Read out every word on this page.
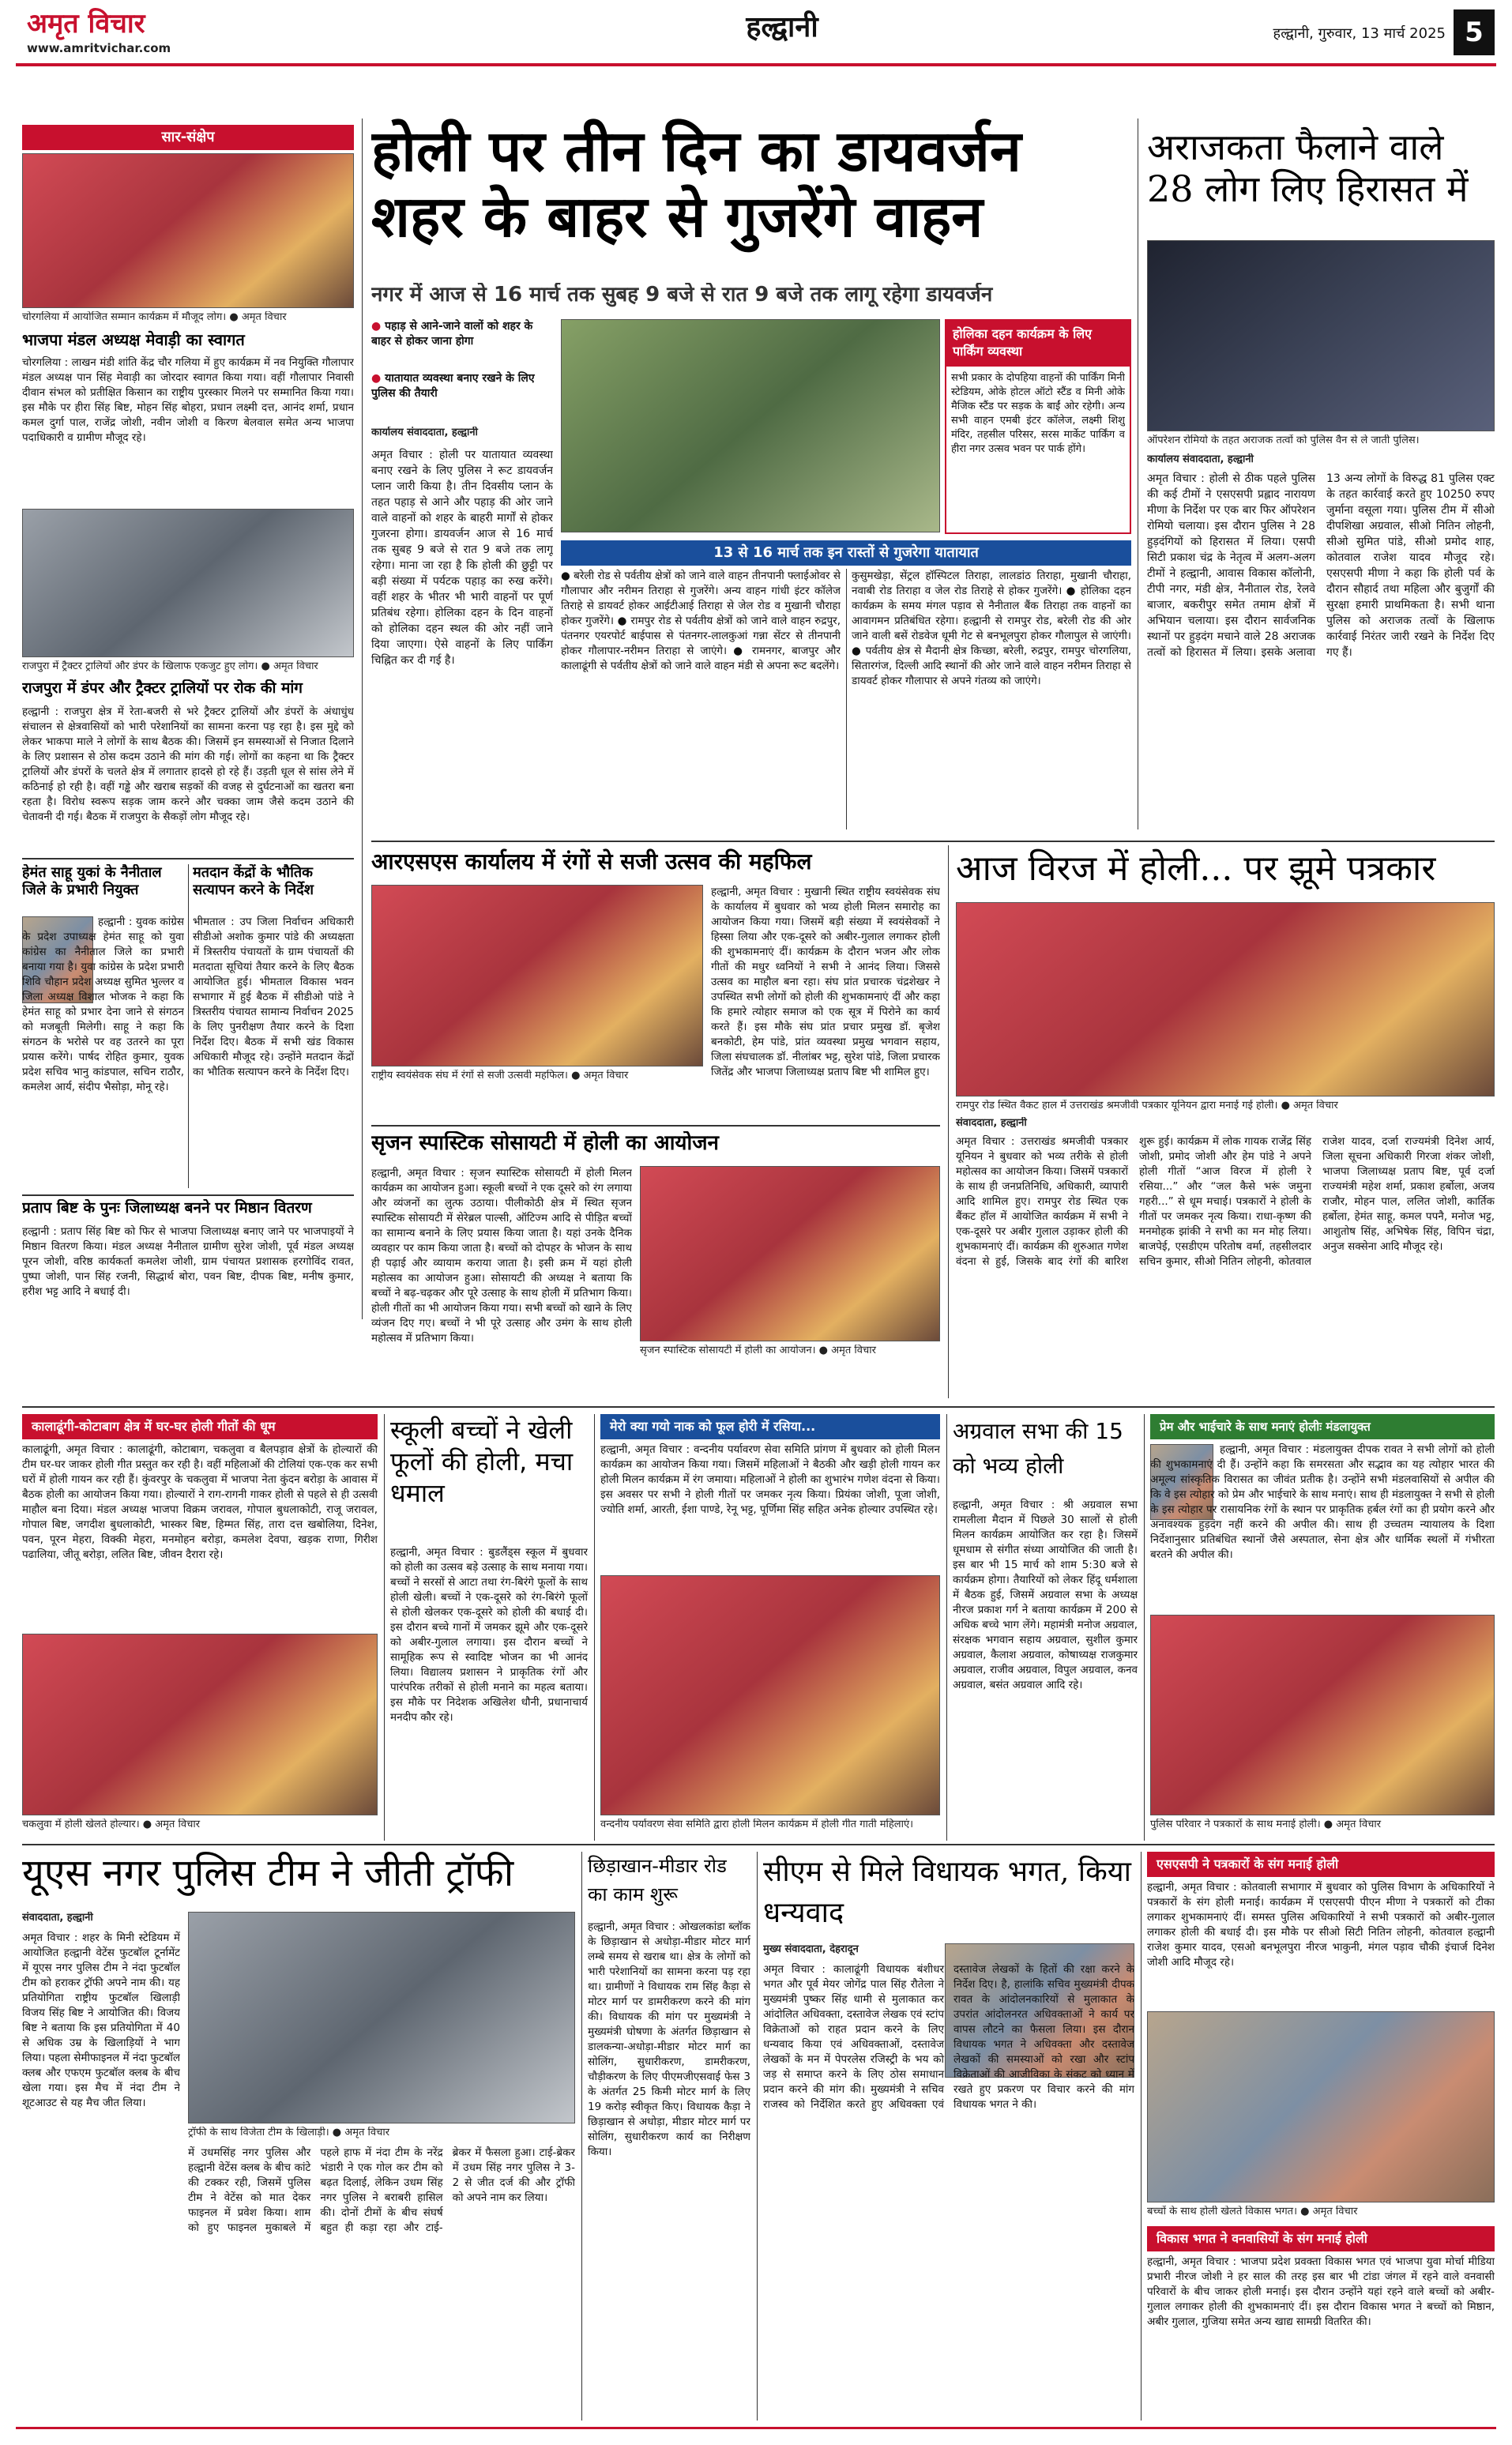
अमृत विचार
www.amritvichar.com
हल्द्वानी	हल्द्वानी, गुरुवार, 13 मार्च 2025 5
सार-संक्षेप
चोरगलिया में आयोजित सम्मान कार्यक्रम में मौजूद लोग। ● अमृत विचार
भाजपा मंडल अध्यक्ष मेवाड़ी का स्वागत
चोरगलिया : लाखन मंडी शांति केंद्र चौर गलिया में हुए कार्यक्रम में नव नियुक्ति गौलापार मंडल अध्यक्ष पान सिंह मेवाड़ी का जोरदार स्वागत किया गया। वहीं गौलापार निवासी दीवान संभल को प्रतीक्षित किसान का राष्ट्रीय पुरस्कार मिलने पर सम्मानित किया गया। इस मौके पर हीरा सिंह बिष्ट, मोहन सिंह बोहरा, प्रधान लक्ष्मी दत्त, आनंद शर्मा, प्रधान कमल दुर्गा पाल, राजेंद्र जोशी, नवीन जोशी व किरण बेलवाल समेत अन्य भाजपा पदाधिकारी व ग्रामीण मौजूद रहे।
राजपुरा में ट्रैक्टर ट्रालियों और डंपर के खिलाफ एकजुट हुए लोग। ● अमृत विचार
राजपुरा में डंपर और ट्रैक्टर ट्रालियों पर रोक की मांग
हल्द्वानी : राजपुरा क्षेत्र में रेता-बजरी से भरे ट्रैक्टर ट्रालियों और डंपरों के अंधाधुंध संचालन से क्षेत्रवासियों को भारी परेशानियों का सामना करना पड़ रहा है। इस मुद्दे को लेकर भाकपा माले ने लोगों के साथ बैठक की। जिसमें इन समस्याओं से निजात दिलाने के लिए प्रशासन से ठोस कदम उठाने की मांग की गई। लोगों का कहना था कि ट्रैक्टर ट्रालियों और डंपरों के चलते क्षेत्र में लगातार हादसे हो रहे हैं। उड़ती धूल से सांस लेने में कठिनाई हो रही है। वहीं गड्ढे और खराब सड़कों की वजह से दुर्घटनाओं का खतरा बना रहता है। विरोध स्वरूप सड़क जाम करने और चक्का जाम जैसे कदम उठाने की चेतावनी दी गई। बैठक में राजपुरा के सैकड़ों लोग मौजूद रहे।
हेमंत साहू युकां के नैनीताल जिले के प्रभारी नियुक्त
हल्द्वानी : युवक कांग्रेस के प्रदेश उपाध्यक्ष हेमंत साहू को युवा कांग्रेस का नैनीताल जिले का प्रभारी बनाया गया है। युवा कांग्रेस के प्रदेश प्रभारी शिवि चौहान प्रदेश अध्यक्ष सुमित भुल्लर व जिला अध्यक्ष विशाल भोजक ने कहा कि हेमंत साहू को प्रभार देना जाने से संगठन को मजबूती मिलेगी। साहू ने कहा कि संगठन के भरोसे पर वह उतरने का पूरा प्रयास करेंगे। पार्षद रोहित कुमार, युवक प्रदेश सचिव भानु कांडपाल, सचिन राठौर, कमलेश आर्य, संदीप भैसोड़ा, मोनू रहे।
मतदान केंद्रों के भौतिक सत्यापन करने के निर्देश
भीमताल : उप जिला निर्वाचन अधिकारी सीडीओ अशोक कुमार पांडे की अध्यक्षता में त्रिस्तरीय पंचायतों के ग्राम पंचायतों की मतदाता सूचियां तैयार करने के लिए बैठक आयोजित हुई। भीमताल विकास भवन सभागार में हुई बैठक में सीडीओ पांडे ने त्रिस्तरीय पंचायत सामान्य निर्वाचन 2025 के लिए पुनरीक्षण तैयार करने के दिशा निर्देश दिए। बैठक में सभी खंड विकास अधिकारी मौजूद रहे। उन्होंने मतदान केंद्रों का भौतिक सत्यापन करने के निर्देश दिए।
प्रताप बिष्ट के पुनः जिलाध्यक्ष बनने पर मिष्ठान वितरण
हल्द्वानी : प्रताप सिंह बिष्ट को फिर से भाजपा जिलाध्यक्ष बनाए जाने पर भाजपाइयों ने मिष्ठान वितरण किया। मंडल अध्यक्ष नैनीताल ग्रामीण सुरेश जोशी, पूर्व मंडल अध्यक्ष पूरन जोशी, वरिष्ठ कार्यकर्ता कमलेश जोशी, ग्राम पंचायत प्रशासक हरगोविंद रावत, पुष्पा जोशी, पान सिंह रजनी, सिद्धार्थ बोरा, पवन बिष्ट, दीपक बिष्ट, मनीष कुमार, हरीश भट्ट आदि ने बधाई दी।
होली पर तीन दिन का डायवर्जन शहर के बाहर से गुजरेंगे वाहन
नगर में आज से 16 मार्च तक सुबह 9 बजे से रात 9 बजे तक लागू रहेगा डायवर्जन
● पहाड़ से आने-जाने वालों को शहर के बाहर से होकर जाना होगा
● यातायात व्यवस्था बनाए रखने के लिए पुलिस की तैयारी
कार्यालय संवाददाता, हल्द्वानी
अमृत विचार : होली पर यातायात व्यवस्था बनाए रखने के लिए पुलिस ने रूट डायवर्जन प्लान जारी किया है। तीन दिवसीय प्लान के तहत पहाड़ से आने और पहाड़ की ओर जाने वाले वाहनों को शहर के बाहरी मार्गों से होकर गुजरना होगा। डायवर्जन आज से 16 मार्च तक सुबह 9 बजे से रात 9 बजे तक लागू रहेगा। माना जा रहा है कि होली की छुट्टी पर बड़ी संख्या में पर्यटक पहाड़ का रुख करेंगे। वहीं शहर के भीतर भी भारी वाहनों पर पूर्ण प्रतिबंध रहेगा। होलिका दहन के दिन वाहनों को होलिका दहन स्थल की ओर नहीं जाने दिया जाएगा। ऐसे वाहनों के लिए पार्किंग चिह्नित कर दी गई है।
होलिका दहन कार्यक्रम के लिए पार्किंग व्यवस्था
सभी प्रकार के दोपहिया वाहनों की पार्किंग मिनी स्टेडियम, ओके होटल ऑटो स्टैंड व मिनी ओके मैजिक स्टैंड पर सड़क के बाईं ओर रहेगी। अन्य सभी वाहन एमबी इंटर कॉलेज, लक्ष्मी शिशु मंदिर, तहसील परिसर, सरस मार्केट पार्किंग व हीरा नगर उत्सव भवन पर पार्क होंगे।
13 से 16 मार्च तक इन रास्तों से गुजरेगा यातायात
● बरेली रोड से पर्वतीय क्षेत्रों को जाने वाले वाहन तीनपानी फ्लाईओवर से गौलापार और नरीमन तिराहा से गुजरेंगे। अन्य वाहन गांधी इंटर कॉलेज तिराहे से डायवर्ट होकर आईटीआई तिराहा से जेल रोड व मुखानी चौराहा होकर गुजरेंगे। ● रामपुर रोड से पर्वतीय क्षेत्रों को जाने वाले वाहन रुद्रपुर, पंतनगर एयरपोर्ट बाईपास से पंतनगर-लालकुआं गन्ना सेंटर से तीनपानी होकर गौलापार-नरीमन तिराहा से जाएंगे। ● रामनगर, बाजपुर और कालाढूंगी से पर्वतीय क्षेत्रों को जाने वाले वाहन मंडी से अपना रूट बदलेंगे।
कुसुमखेड़ा, सेंट्रल हॉस्पिटल तिराहा, लालडांठ तिराहा, मुखानी चौराहा, नवाबी रोड तिराहा व जेल रोड तिराहे से होकर गुजरेंगे। ● होलिका दहन कार्यक्रम के समय मंगल पड़ाव से नैनीताल बैंक तिराहा तक वाहनों का आवागमन प्रतिबंधित रहेगा। हल्द्वानी से रामपुर रोड, बरेली रोड की ओर जाने वाली बसें रोडवेज धूमी गेट से बनभूलपुरा होकर गौलापुल से जाएंगी। ● पर्वतीय क्षेत्र से मैदानी क्षेत्र किच्छा, बरेली, रुद्रपुर, रामपुर चोरगलिया, सितारगंज, दिल्ली आदि स्थानों की ओर जाने वाले वाहन नरीमन तिराहा से डायवर्ट होकर गौलापार से अपने गंतव्य को जाएंगे।
अराजकता फैलाने वाले 28 लोग लिए हिरासत में
ऑपरेशन रोमियो के तहत अराजक तत्वों को पुलिस वैन से ले जाती पुलिस।
कार्यालय संवाददाता, हल्द्वानी
अमृत विचार : होली से ठीक पहले पुलिस की कई टीमों ने एसएसपी प्रह्लाद नारायण मीणा के निर्देश पर एक बार फिर ऑपरेशन रोमियो चलाया। इस दौरान पुलिस ने 28 हुड़दंगियों को हिरासत में लिया। एसपी सिटी प्रकाश चंद्र के नेतृत्व में अलग-अलग टीमों ने हल्द्वानी, आवास विकास कॉलोनी, टीपी नगर, मंडी क्षेत्र, नैनीताल रोड, रेलवे बाजार, बकरीपुर समेत तमाम क्षेत्रों में अभियान चलाया। इस दौरान सार्वजनिक स्थानों पर हुड़दंग मचाने वाले 28 अराजक तत्वों को हिरासत में लिया। इसके अलावा 13 अन्य लोगों के विरुद्ध 81 पुलिस एक्ट के तहत कार्रवाई करते हुए 10250 रुपए जुर्माना वसूला गया। पुलिस टीम में सीओ दीपशिखा अग्रवाल, सीओ नितिन लोहनी, सीओ सुमित पांडे, सीओ प्रमोद शाह, कोतवाल राजेश यादव मौजूद रहे। एसएसपी मीणा ने कहा कि होली पर्व के दौरान सौहार्द तथा महिला और बुजुर्गों की सुरक्षा हमारी प्राथमिकता है। सभी थाना पुलिस को अराजक तत्वों के खिलाफ कार्रवाई निरंतर जारी रखने के निर्देश दिए गए हैं।
आरएसएस कार्यालय में रंगों से सजी उत्सव की महफिल
राष्ट्रीय स्वयंसेवक संघ में रंगों से सजी उत्सवी महफिल। ● अमृत विचार
हल्द्वानी, अमृत विचार : मुखानी स्थित राष्ट्रीय स्वयंसेवक संघ के कार्यालय में बुधवार को भव्य होली मिलन समारोह का आयोजन किया गया। जिसमें बड़ी संख्या में स्वयंसेवकों ने हिस्सा लिया और एक-दूसरे को अबीर-गुलाल लगाकर होली की शुभकामनाएं दीं। कार्यक्रम के दौरान भजन और लोक गीतों की मधुर ध्वनियों ने सभी ने आनंद लिया। जिससे उत्सव का माहौल बना रहा। संघ प्रांत प्रचारक चंद्रशेखर ने उपस्थित सभी लोगों को होली की शुभकामनाएं दीं और कहा कि हमारे त्योहार समाज को एक सूत्र में पिरोने का कार्य करते हैं। इस मौके संघ प्रांत प्रचार प्रमुख डॉ. बृजेश बनकोटी, हेम पांडे, प्रांत व्यवस्था प्रमुख भगवान सहाय, जिला संघचालक डॉ. नीलांबर भट्ट, सुरेश पांडे, जिला प्रचारक जितेंद्र और भाजपा जिलाध्यक्ष प्रताप बिष्ट भी शामिल हुए।
सृजन स्पास्टिक सोसायटी में होली का आयोजन
हल्द्वानी, अमृत विचार : सृजन स्पास्टिक सोसायटी में होली मिलन कार्यक्रम का आयोजन हुआ। स्कूली बच्चों ने एक दूसरे को रंग लगाया और व्यंजनों का लुत्फ उठाया। पीलीकोठी क्षेत्र में स्थित सृजन स्पास्टिक सोसायटी में सेरेब्रल पाल्सी, ऑटिज्म आदि से पीड़ित बच्चों का सामान्य बनाने के लिए प्रयास किया जाता है। यहां उनके दैनिक व्यवहार पर काम किया जाता है। बच्चों को दोपहर के भोजन के साथ ही पढ़ाई और व्यायाम कराया जाता है। इसी क्रम में यहां होली महोत्सव का आयोजन हुआ। सोसायटी की अध्यक्ष ने बताया कि बच्चों ने बढ़-चढ़कर और पूरे उत्साह के साथ होली में प्रतिभाग किया। होली गीतों का भी आयोजन किया गया। सभी बच्चों को खाने के लिए व्यंजन दिए गए। बच्चों ने भी पूरे उत्साह और उमंग के साथ होली महोत्सव में प्रतिभाग किया।
सृजन स्पास्टिक सोसायटी में होली का आयोजन। ● अमृत विचार
आज विरज में होली... पर झूमे पत्रकार
रामपुर रोड स्थित वैकट हाल में उत्तराखंड श्रमजीवी पत्रकार यूनियन द्वारा मनाई गई होली। ● अमृत विचार
संवाददाता, हल्द्वानी
अमृत विचार : उत्तराखंड श्रमजीवी पत्रकार यूनियन ने बुधवार को भव्य तरीके से होली महोत्सव का आयोजन किया। जिसमें पत्रकारों के साथ ही जनप्रतिनिधि, अधिकारी, व्यापारी आदि शामिल हुए। रामपुर रोड स्थित एक बैंकट हॉल में आयोजित कार्यक्रम में सभी ने एक-दूसरे पर अबीर गुलाल उड़ाकर होली की शुभकामनाएं दीं। कार्यक्रम की शुरुआत गणेश वंदना से हुई, जिसके बाद रंगों की बारिश शुरू हुई। कार्यक्रम में लोक गायक राजेंद्र सिंह जोशी, प्रमोद जोशी और हेम पांडे ने अपने होली गीतों “आज विरज में होली रे रसिया...” और “जल कैसे भरूं जमुना गहरी...” से धूम मचाई। पत्रकारों ने होली के गीतों पर जमकर नृत्य किया। राधा-कृष्ण की मनमोहक झांकी ने सभी का मन मोह लिया। बाजपेई, एसडीएम परितोष वर्मा, तहसीलदार सचिन कुमार, सीओ नितिन लोहनी, कोतवाल राजेश यादव, दर्जा राज्यमंत्री दिनेश आर्य, जिला सूचना अधिकारी गिरजा शंकर जोशी, भाजपा जिलाध्यक्ष प्रताप बिष्ट, पूर्व दर्जा राज्यमंत्री महेश शर्मा, प्रकाश हर्बोला, अजय राजौर, मोहन पाल, ललित जोशी, कार्तिक हर्बोला, हेमंत साहू, कमल पपनै, मनोज भट्ट, आशुतोष सिंह, अभिषेक सिंह, विपिन चंद्रा, अनुज सक्सेना आदि मौजूद रहे।
कालाढूंगी-कोटाबाग क्षेत्र में घर-घर होली गीतों की धूम
कालाढूंगी, अमृत विचार : कालाढूंगी, कोटाबाग, चकलुवा व बैलपड़ाव क्षेत्रों के होल्यारों की टीम घर-घर जाकर होली गीत प्रस्तुत कर रही है। वहीं महिलाओं की टोलियां एक-एक कर सभी घरों में होली गायन कर रही हैं। कुंवरपुर के चकलुवा में भाजपा नेता कुंदन बरोड़ा के आवास में बैठक होली का आयोजन किया गया। होल्यारों ने राग-रागनी गाकर होली से पहले से ही उत्सवी माहौल बना दिया। मंडल अध्यक्ष भाजपा विक्रम जरावल, गोपाल बुधलाकोटी, राजू जरावल, गोपाल बिष्ट, जगदीश बुधलाकोटी, भास्कर बिष्ट, हिम्मत सिंह, तारा दत्त खबोलिया, दिनेश, पवन, पूरन मेहरा, विक्की मेहरा, मनमोहन बरोड़ा, कमलेश देवपा, खड़क राणा, गिरीश पढालिया, जीतू बरोड़ा, ललित बिष्ट, जीवन दैरारा रहे।
चकलुवा में होली खेलते होल्यार। ● अमृत विचार
स्कूली बच्चों ने खेली फूलों की होली, मचा धमाल
हल्द्वानी, अमृत विचार : बुडलैंड्स स्कूल में बुधवार को होली का उत्सव बड़े उत्साह के साथ मनाया गया। बच्चों ने सरसों से आटा तथा रंग-बिरंगे फूलों के साथ होली खेली। बच्चों ने एक-दूसरे को रंग-बिरंगे फूलों से होली खेलकर एक-दूसरे को होली की बधाई दी। इस दौरान बच्चे गानों में जमकर झूमे और एक-दूसरे को अबीर-गुलाल लगाया। इस दौरान बच्चों ने सामूहिक रूप से स्वादिष्ट भोजन का भी आनंद लिया। विद्यालय प्रशासन ने प्राकृतिक रंगों और पारंपरिक तरीकों से होली मनाने का महत्व बताया। इस मौके पर निदेशक अखिलेश धौनी, प्रधानाचार्य मनदीप कौर रहे।
मेरो क्या गयो नाक को फूल होरी में रसिया...
हल्द्वानी, अमृत विचार : वन्दनीय पर्यावरण सेवा समिति प्रांगण में बुधवार को होली मिलन कार्यक्रम का आयोजन किया गया। जिसमें महिलाओं ने बैठकी और खड़ी होली गायन कर होली मिलन कार्यक्रम में रंग जमाया। महिलाओं ने होली का शुभारंभ गणेश वंदना से किया। इस अवसर पर सभी ने होली गीतों पर जमकर नृत्य किया। प्रियंका जोशी, पूजा जोशी, ज्योति शर्मा, आरती, ईशा पाण्डे, रेनू भट्ट, पूर्णिमा सिंह सहित अनेक होल्यार उपस्थित रहे।
वन्दनीय पर्यावरण सेवा समिति द्वारा होली मिलन कार्यक्रम में होली गीत गाती महिलाएं।
अग्रवाल सभा की 15 को भव्य होली
हल्द्वानी, अमृत विचार : श्री अग्रवाल सभा रामलीला मैदान में पिछले 30 सालों से होली मिलन कार्यक्रम आयोजित कर रहा है। जिसमें धूमधाम से संगीत संध्या आयोजित की जाती है। इस बार भी 15 मार्च को शाम 5:30 बजे से कार्यक्रम होगा। तैयारियों को लेकर हिंदू धर्मशाला में बैठक हुई, जिसमें अग्रवाल सभा के अध्यक्ष नीरज प्रकाश गर्ग ने बताया कार्यक्रम में 200 से अधिक बच्चे भाग लेंगे। महामंत्री मनोज अग्रवाल, संरक्षक भगवान सहाय अग्रवाल, सुशील कुमार अग्रवाल, कैलाश अग्रवाल, कोषाध्यक्ष राजकुमार अग्रवाल, राजीव अग्रवाल, विपुल अग्रवाल, कनव अग्रवाल, बसंत अग्रवाल आदि रहे।
प्रेम और भाईचारे के साथ मनाएं होलीः मंडलायुक्त
हल्द्वानी, अमृत विचार : मंडलायुक्त दीपक रावत ने सभी लोगों को होली की शुभकामनाएं दी हैं। उन्होंने कहा कि समरसता और सद्भाव का यह त्योहार भारत की अमूल्य सांस्कृतिक विरासत का जीवंत प्रतीक है। उन्होंने सभी मंडलवासियों से अपील की कि वे इस त्योहार को प्रेम और भाईचारे के साथ मनाएं। साथ ही मंडलायुक्त ने सभी से होली के इस त्योहार पर रासायनिक रंगों के स्थान पर प्राकृतिक हर्बल रंगों का ही प्रयोग करने और अनावश्यक हुड़दंग नहीं करने की अपील की। साथ ही उच्चतम न्यायालय के दिशा निर्देशानुसार प्रतिबंधित स्थानों जैसे अस्पताल, सेना क्षेत्र और धार्मिक स्थलों में गंभीरता बरतने की अपील की।
पुलिस परिवार ने पत्रकारों के साथ मनाई होली। ● अमृत विचार
यूएस नगर पुलिस टीम ने जीती ट्रॉफी
संवाददाता, हल्द्वानी
अमृत विचार : शहर के मिनी स्टेडियम में आयोजित हल्द्वानी वेटेंस फुटबॉल टूर्नामेंट में यूएस नगर पुलिस टीम ने नंदा फुटबॉल टीम को हराकर ट्रॉफी अपने नाम की। यह प्रतियोगिता राष्ट्रीय फुटबॉल खिलाड़ी विजय सिंह बिष्ट ने आयोजित की। विजय बिष्ट ने बताया कि इस प्रतियोगिता में 40 से अधिक उम्र के खिलाड़ियों ने भाग लिया। पहला सेमीफाइनल में नंदा फुटबॉल क्लब और एफएम फुटबॉल क्लब के बीच खेला गया। इस मैच में नंदा टीम ने शूटआउट से यह मैच जीत लिया।
ट्रॉफी के साथ विजेता टीम के खिलाड़ी। ● अमृत विचार
में उधमसिंह नगर पुलिस और हल्द्वानी वेटेंस क्लब के बीच कांटे की टक्कर रही, जिसमें पुलिस टीम ने वेटेंस को मात देकर फाइनल में प्रवेश किया। शाम को हुए फाइनल मुकाबले में पहले हाफ में नंदा टीम के नरेंद्र भंडारी ने एक गोल कर टीम को बढ़त दिलाई, लेकिन उधम सिंह नगर पुलिस ने बराबरी हासिल की। दोनों टीमों के बीच संघर्ष बहुत ही कड़ा रहा और टाई-ब्रेकर में फैसला हुआ। टाई-ब्रेकर में उधम सिंह नगर पुलिस ने 3-2 से जीत दर्ज की और ट्रॉफी को अपने नाम कर लिया।
छिड़ाखान-मीडार रोड का काम शुरू
हल्द्वानी, अमृत विचार : ओखलकांडा ब्लॉक के छिड़ाखान से अधोड़ा-मीडार मोटर मार्ग लम्बे समय से खराब था। क्षेत्र के लोगों को भारी परेशानियों का सामना करना पड़ रहा था। ग्रामीणों ने विधायक राम सिंह कैड़ा से मोटर मार्ग पर डामरीकरण करने की मांग की। विधायक की मांग पर मुख्यमंत्री ने मुख्यमंत्री घोषणा के अंतर्गत छिड़ाखान से डालकन्या-अधोड़ा-मीडार मोटर मार्ग का सोलिंग, सुधारीकरण, डामरीकरण, चौड़ीकरण के लिए पीएमजीएसवाई फेस 3 के अंतर्गत 25 किमी मोटर मार्ग के लिए 19 करोड़ स्वीकृत किए। विधायक कैड़ा ने छिड़ाखान से अधोड़ा, मीडार मोटर मार्ग पर सोलिंग, सुधारीकरण कार्य का निरीक्षण किया।
सीएम से मिले विधायक भगत, किया धन्यवाद
मुख्य संवाददाता, देहरादून
अमृत विचार : कालाढूंगी विधायक बंशीधर भगत और पूर्व मेयर जोगेंद्र पाल सिंह रौतेला ने मुख्यमंत्री पुष्कर सिंह धामी से मुलाकात कर आंदोलित अधिवक्ता, दस्तावेज लेखक एवं स्टांप विक्रेताओं को राहत प्रदान करने के लिए धन्यवाद किया एवं अधिवक्ताओं, दस्तावेज लेखकों के मन में पेपरलेस रजिस्ट्री के भय को जड़ से समाप्त करने के लिए ठोस समाधान प्रदान करने की मांग की। मुख्यमंत्री ने सचिव राजस्व को निर्देशित करते हुए अधिवक्ता एवं दस्तावेज लेखकों के हितों की रक्षा करने के निर्देश दिए। है, हालांकि सचिव मुख्यमंत्री दीपक रावत के आंदोलनकारियों से मुलाकात के उपरांत आंदोलनरत अधिवक्ताओं ने कार्य पर वापस लौटने का फैसला लिया। इस दौरान विधायक भगत ने अधिवक्ता और दस्तावेज लेखकों की समस्याओं को रखा और स्टांप विक्रेताओं की आजीविका के संकट को ध्यान में रखते हुए प्रकरण पर विचार करने की मांग विधायक भगत ने की।
एसएसपी ने पत्रकारों के संग मनाई होली
हल्द्वानी, अमृत विचार : कोतवाली सभागार में बुधवार को पुलिस विभाग के अधिकारियों ने पत्रकारों के संग होली मनाई। कार्यक्रम में एसएसपी पीएन मीणा ने पत्रकारों को टीका लगाकर शुभकामनाएं दीं। समस्त पुलिस अधिकारियों ने सभी पत्रकारों को अबीर-गुलाल लगाकर होली की बधाई दी। इस मौके पर सीओ सिटी नितिन लोहनी, कोतवाल हल्द्वानी राजेश कुमार यादव, एसओ बनभूलपुरा नीरज भाकुनी, मंगल पड़ाव चौकी इंचार्ज दिनेश जोशी आदि मौजूद रहे।
बच्चों के साथ होली खेलते विकास भगत। ● अमृत विचार
विकास भगत ने वनवासियों के संग मनाई होली
हल्द्वानी, अमृत विचार : भाजपा प्रदेश प्रवक्ता विकास भगत एवं भाजपा युवा मोर्चा मीडिया प्रभारी नीरज जोशी ने हर साल की तरह इस बार भी टांडा जंगल में रहने वाले वनवासी परिवारों के बीच जाकर होली मनाई। इस दौरान उन्होंने यहां रहने वाले बच्चों को अबीर-गुलाल लगाकर होली की शुभकामनाएं दीं। इस दौरान विकास भगत ने बच्चों को मिष्ठान, अबीर गुलाल, गुजिया समेत अन्य खाद्य सामग्री वितरित की।
